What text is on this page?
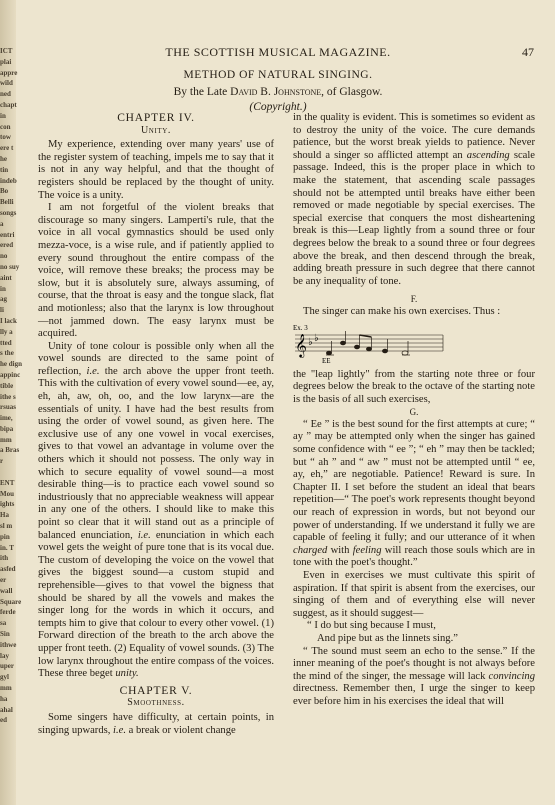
ICT
plai
appre
wild
ned
chapt
in
con
tow
ere t
he
tin
indeb
Bo
Belli
songs
a
entri
ered
no
no suy
aint
in
ag
li
I lack
lly a
tted
s the
he dign
appinc
tible
ithe s
rsuas
ime,
bipa
mm
a Bras
r

ENT
Mou
ights
Ha
sl m
pin
in. T
ith
asfed
er
wall
Square
ferde
sa
Sin
ithwe
lay
uper
gyl
mm
ha
ahal
ed
THE SCOTTISH MUSICAL MAGAZINE.	47
METHOD OF NATURAL SINGING.
By the Late David B. Johnstone, of Glasgow.
(Copyright.)
CHAPTER IV.
Unity.

My experience, extending over many years' use of the register system of teaching, impels me to say that it is not in any way helpful, and that the thought of registers should be replaced by the thought of unity. The voice is a unity.

I am not forgetful of the violent breaks that discourage so many singers. Lamperti's rule, that the voice in all vocal gymnastics should be used only mezza-voce, is a wise rule, and if patiently applied to every sound throughout the entire compass of the voice, will remove these breaks; the process may be slow, but it is absolutely sure, always assuming, of course, that the throat is easy and the tongue slack, flat and motionless; also that the larynx is low throughout—not jammed down. The easy larynx must be acquired.

Unity of tone colour is possible only when all the vowel sounds are directed to the same point of reflection, i.e. the arch above the upper front teeth. This with the cultivation of every vowel sound—ee, ay, eh, ah, aw, oh, oo, and the low larynx—are the essentials of unity. I have had the best results from using the order of vowel sound, as given here. The exclusive use of any one vowel in vocal exercises, gives to that vowel an advantage in volume over the others which it should not possess. The only way in which to secure equality of vowel sound—a most desirable thing—is to practice each vowel sound so industriously that no appreciable weakness will appear in any one of the others. I should like to make this point so clear that it will stand out as a principle of balanced enunciation, i.e. enunciation in which each vowel gets the weight of pure tone that is its vocal due. The custom of developing the voice on the vowel that gives the biggest sound—a custom stupid and reprehensible—gives to that vowel the bigness that should be shared by all the vowels and makes the singer long for the words in which it occurs, and tempts him to give that colour to every other vowel. (1) Forward direction of the breath to the arch above the upper front teeth. (2) Equality of vowel sounds. (3) The low larynx throughout the entire compass of the voices. These three beget unity.

CHAPTER V.
Smoothness.

Some singers have difficulty, at certain points, in singing upwards, i.e. a break or violent change

in the quality is evident. This is sometimes so evident as to destroy the unity of the voice. The cure demands patience, but the worst break yields to patience. Never should a singer so afflicted attempt an ascending scale passage. Indeed, this is the proper place in which to make the statement, that ascending scale passages should not be attempted until breaks have either been removed or made negotiable by special exercises. The special exercise that conquers the most disheartening break is this—Leap lightly from a sound three or four degrees below the break to a sound three or four degrees above the break, and then descend through the break, adding breath pressure in such degree that there cannot be any inequality of tone.

F.

The singer can make his own exercises. Thus :

Ex. 3
𝄞 ♭ ♭
EE

the "leap lightly" from the starting note three or four degrees below the break to the octave of the starting note is the basis of all such exercises,

G.

“ Ee ” is the best sound for the first attempts at cure; “ ay ” may be attempted only when the singer has gained some confidence with “ ee ”; “ eh ” may then be tackled; but “ ah ” and “ aw ” must not be attempted until “ ee, ay, eh,” are negotiable. Patience! Reward is sure. In Chapter II. I set before the student an ideal that bears repetition—“ The poet's work represents thought beyond our reach of expression in words, but not beyond our power of understanding. If we understand it fully we are capable of feeling it fully; and our utterance of it when charged with feeling will reach those souls which are in tone with the poet's thought.”

Even in exercises we must cultivate this spirit of aspiration. If that spirit is absent from the exercises, our singing of them and of everything else will never suggest, as it should suggest—

“ I do but sing because I must,

And pipe but as the linnets sing.”

“ The sound must seem an echo to the sense.” If the inner meaning of the poet's thought is not always before the mind of the singer, the message will lack convincing directness. Remember then, I urge the singer to keep ever before him in his exercises the ideal that will
